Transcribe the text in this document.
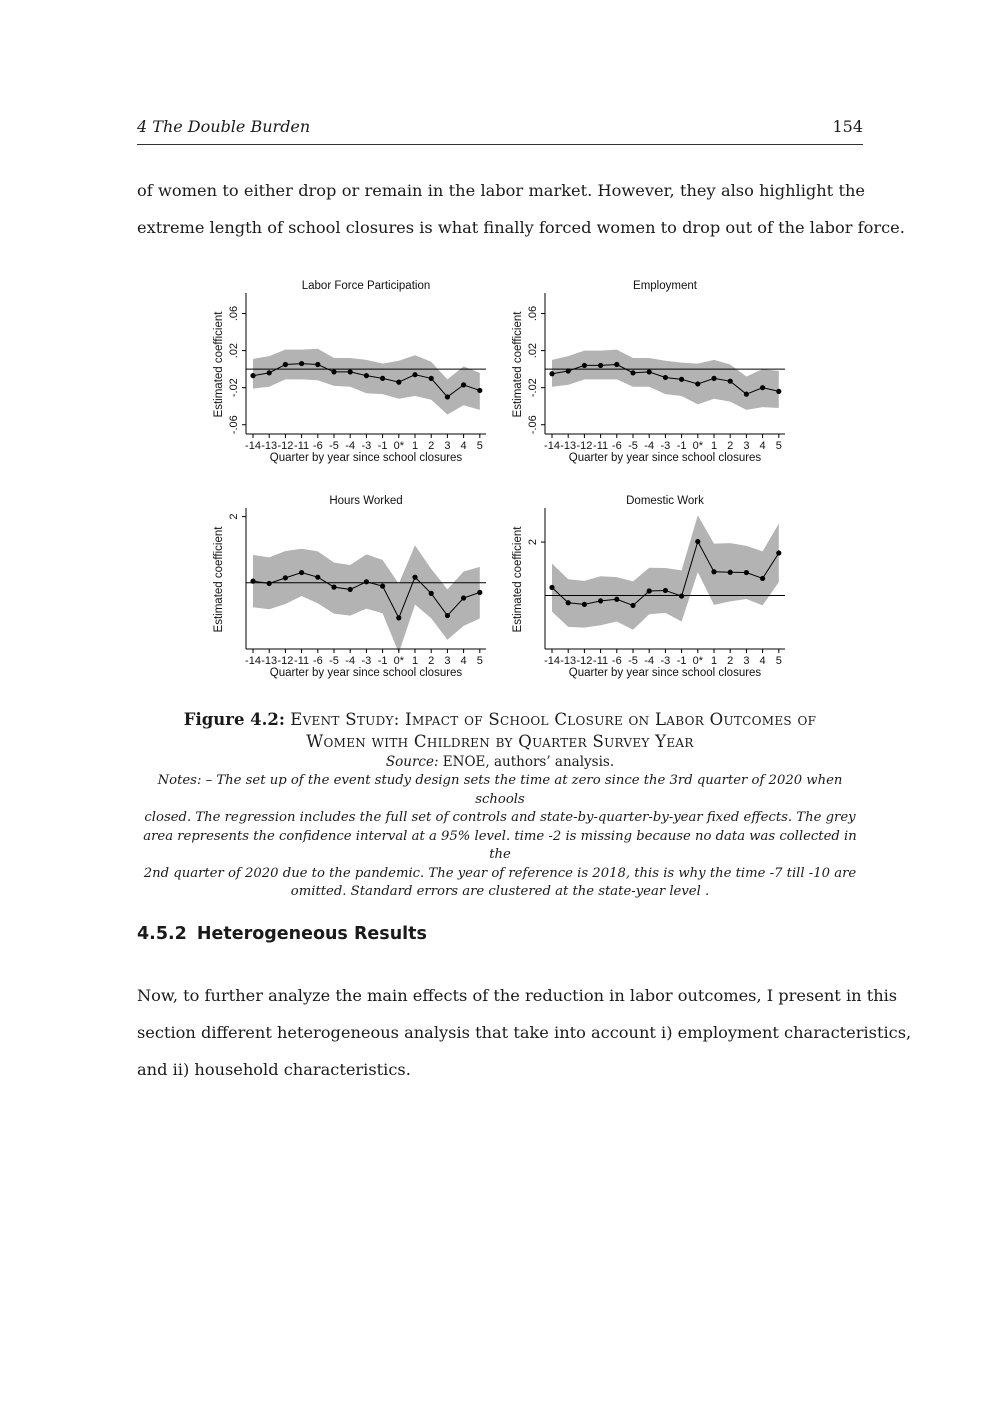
4 The Double Burden	154
of women to either drop or remain in the labor market. However, they also highlight the
extreme length of school closures is what finally forced women to drop out of the labor force.
Labor Force Participation
-14 -13 -12 -11 -6 -5 -4 -3 -1 0* 1 2 3 4 5
-.06
-.02
.02
.06
Quarter by year since school closures
Estimated coefficient
Employment
-14 -13 -12 -11 -6 -5 -4 -3 -1 0* 1 2 3 4 5
-.06
-.02
.02
.06
Quarter by year since school closures
Estimated coefficient
Hours Worked
-14 -13 -12 -11 -6 -5 -4 -3 -1 0* 1 2 3 4 5
2
Quarter by year since school closures
Estimated coefficient
Domestic Work
-14 -13 -12 -11 -6 -5 -4 -3 -1 0* 1 2 3 4 5
2
Quarter by year since school closures
Estimated coefficient
Figure 4.2: Event Study: Impact of School Closure on Labor Outcomes of
Women with Children by Quarter Survey Year
Source: ENOE, authors’ analysis.
Notes: – The set up of the event study design sets the time at zero since the 3rd quarter of 2020 when schools
closed. The regression includes the full set of controls and state-by-quarter-by-year fixed effects. The grey
area represents the confidence interval at a 95% level. time -2 is missing because no data was collected in the
2nd quarter of 2020 due to the pandemic. The year of reference is 2018, this is why the time -7 till -10 are
omitted. Standard errors are clustered at the state-year level .
4.5.2 Heterogeneous Results
Now, to further analyze the main effects of the reduction in labor outcomes, I present in this
section different heterogeneous analysis that take into account i) employment characteristics,
and ii) household characteristics.
